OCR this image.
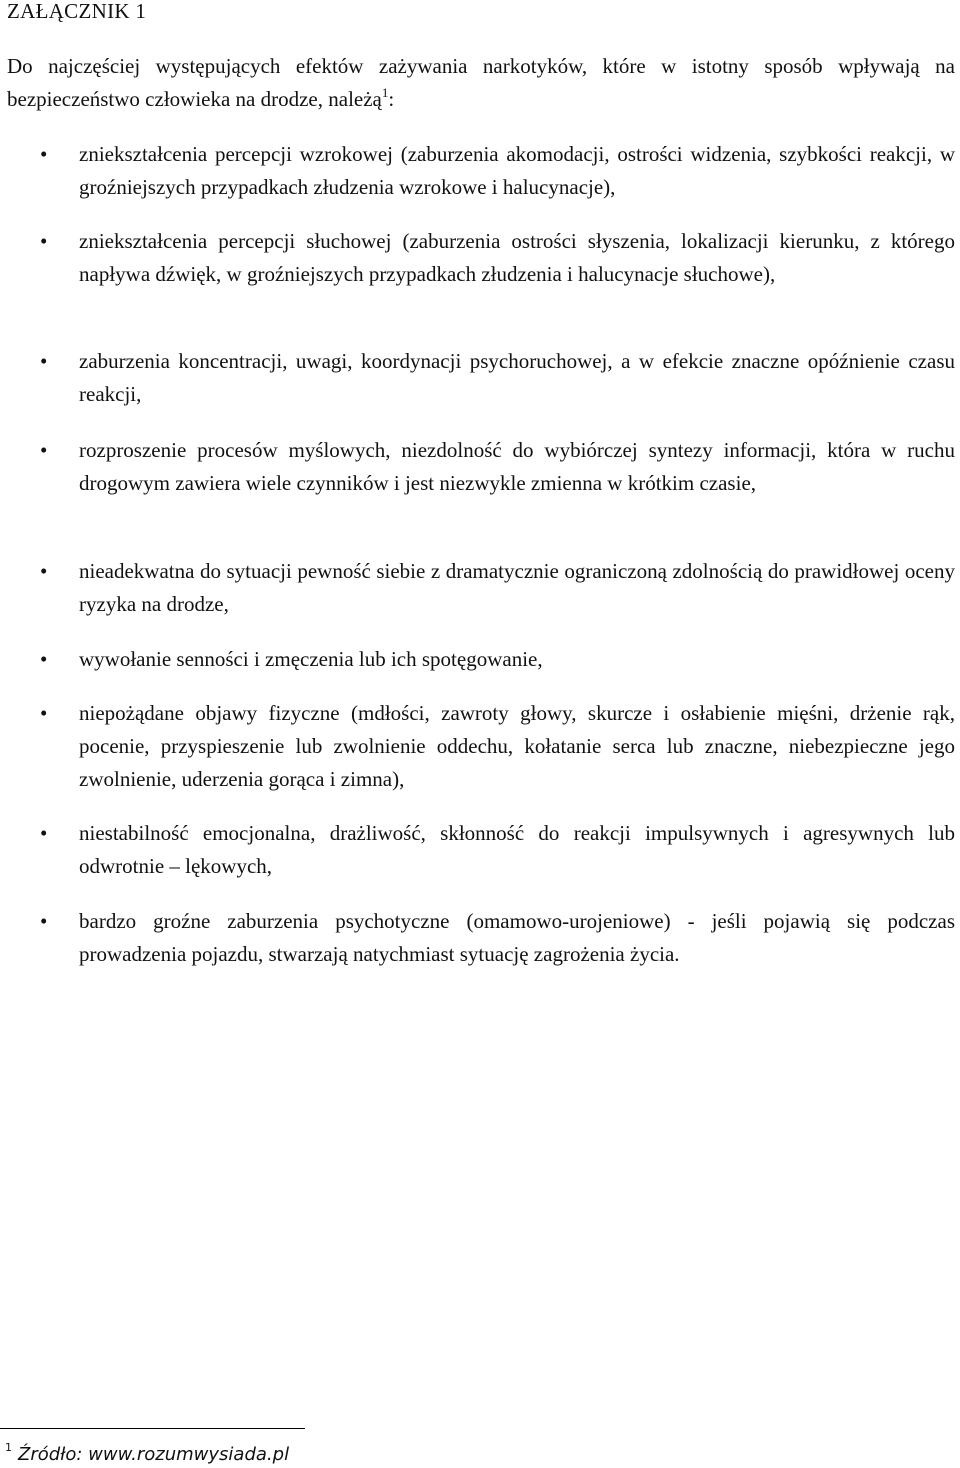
ZAŁĄCZNIK 1

Do najczęściej występujących efektów zażywania narkotyków, które w istotny sposób wpływają na bezpieczeństwo człowieka na drodze, należą$^1$:

• zniekształcenia percepcji wzrokowej (zaburzenia akomodacji, ostrości widzenia, szybkości reakcji, w groźniejszych przypadkach złudzenia wzrokowe i halucynacje),

• zniekształcenia percepcji słuchowej (zaburzenia ostrości słyszenia, lokalizacji kierunku, z którego napływa dźwięk, w groźniejszych przypadkach złudzenia i halucynacje słuchowe),

• zaburzenia koncentracji, uwagi, koordynacji psychoruchowej, a w efekcie znaczne opóźnienie czasu reakcji,

• rozproszenie procesów myślowych, niezdolność do wybiórczej syntezy informacji, która w ruchu drogowym zawiera wiele czynników i jest niezwykle zmienna w krótkim czasie,

• nieadekwatna do sytuacji pewność siebie z dramatycznie ograniczoną zdolnością do prawidłowej oceny ryzyka na drodze,

• wywołanie senności i zmęczenia lub ich spotęgowanie,

• niepożądane objawy fizyczne (mdłości, zawroty głowy, skurcze i osłabienie mięśni, drżenie rąk, pocenie, przyspieszenie lub zwolnienie oddechu, kołatanie serca lub znaczne, niebezpieczne jego zwolnienie, uderzenia gorąca i zimna),

• niestabilność emocjonalna, drażliwość, skłonność do reakcji impulsywnych i agresywnych lub odwrotnie – lękowych,

• bardzo groźne zaburzenia psychotyczne (omamowo-urojeniowe) - jeśli pojawią się podczas prowadzenia pojazdu, stwarzają natychmiast sytuację zagrożenia życia.

$^1$ Źródło: www.rozumwysiada.pl
